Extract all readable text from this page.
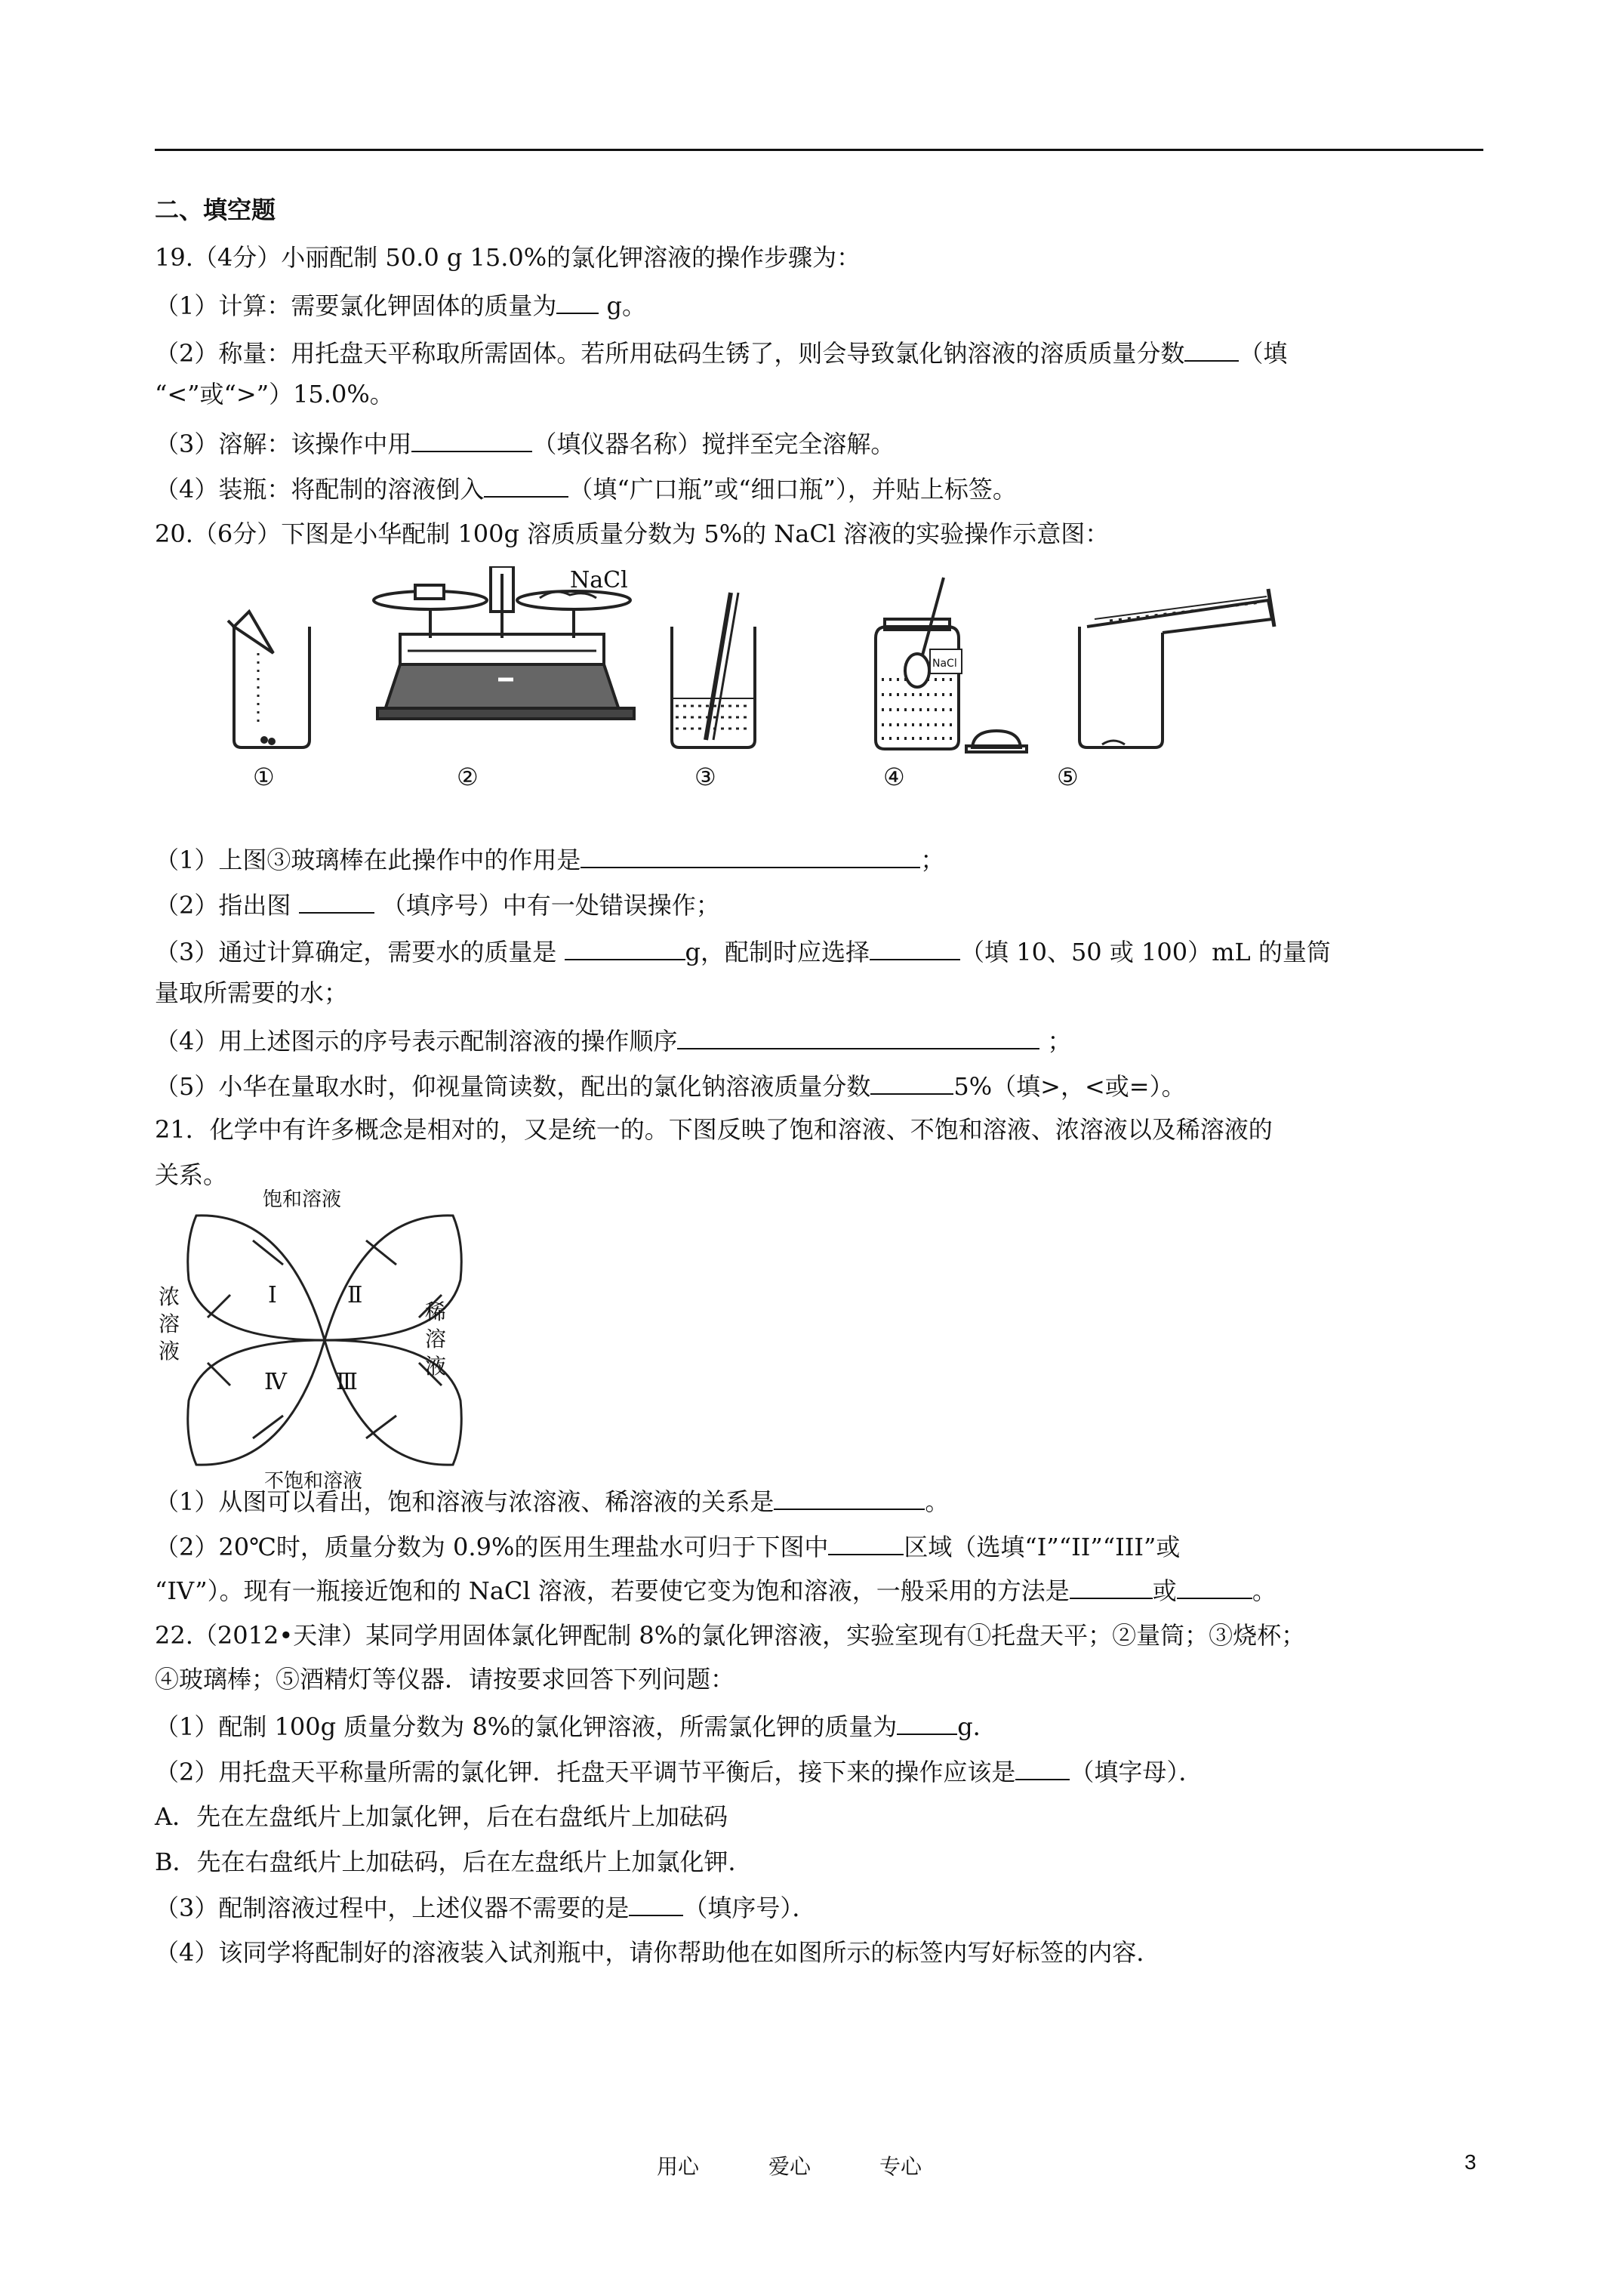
二、填空题
19.（4分）小丽配制 50.0 g 15.0%的氯化钾溶液的操作步骤为：
（1）计算：需要氯化钾固体的质量为 g。
（2）称量：用托盘天平称取所需固体。若所用砝码生锈了，则会导致氯化钠溶液的溶质质量分数 （填
“<”或“>”）15.0%。
（3）溶解：该操作中用	（填仪器名称）搅拌至完全溶解。
（4）装瓶：将配制的溶液倒入	（填“广口瓶”或“细口瓶”），并贴上标签。
20.（6分）下图是小华配制 100g 溶质质量分数为 5%的 NaCl 溶液的实验操作示意图：
NaCl
NaCl
①	②	③	④	⑤
（1）上图③玻璃棒在此操作中的作用是	；
（2）指出图	（填序号）中有一处错误操作；
（3）通过计算确定，需要水的质量是	g，配制时应选择	（填 10、50 或 100）mL 的量筒
量取所需要的水；
（4）用上述图示的序号表示配制溶液的操作顺序	；
（5）小华在量取水时，仰视量筒读数，配出的氯化钠溶液质量分数	5%（填>，<或=）。
21．化学中有许多概念是相对的，又是统一的。下图反映了饱和溶液、不饱和溶液、浓溶液以及稀溶液的
关系。
饱和溶液
不饱和溶液
Ⅰ	Ⅱ
Ⅲ
Ⅳ
浓溶液
稀溶液
（1）从图可以看出，饱和溶液与浓溶液、稀溶液的关系是	。
（2）20℃时，质量分数为 0.9%的医用生理盐水可归于下图中	区域（选填“I”“II”“III”或
“IV”）。现有一瓶接近饱和的 NaCl 溶液，若要使它变为饱和溶液，一般采用的方法是	或	。
22.（2012•天津）某同学用固体氯化钾配制 8%的氯化钾溶液，实验室现有①托盘天平；②量筒；③烧杯；
④玻璃棒；⑤酒精灯等仪器．请按要求回答下列问题：
（1）配制 100g 质量分数为 8%的氯化钾溶液，所需氯化钾的质量为	g．
（2）用托盘天平称量所需的氯化钾．托盘天平调节平衡后，接下来的操作应该是 （填字母）．
A．先在左盘纸片上加氯化钾，后在右盘纸片上加砝码
B．先在右盘纸片上加砝码，后在左盘纸片上加氯化钾．
（3）配制溶液过程中，上述仪器不需要的是 （填序号）．
（4）该同学将配制好的溶液装入试剂瓶中，请你帮助他在如图所示的标签内写好标签的内容．
用心	爱心	专心	3
